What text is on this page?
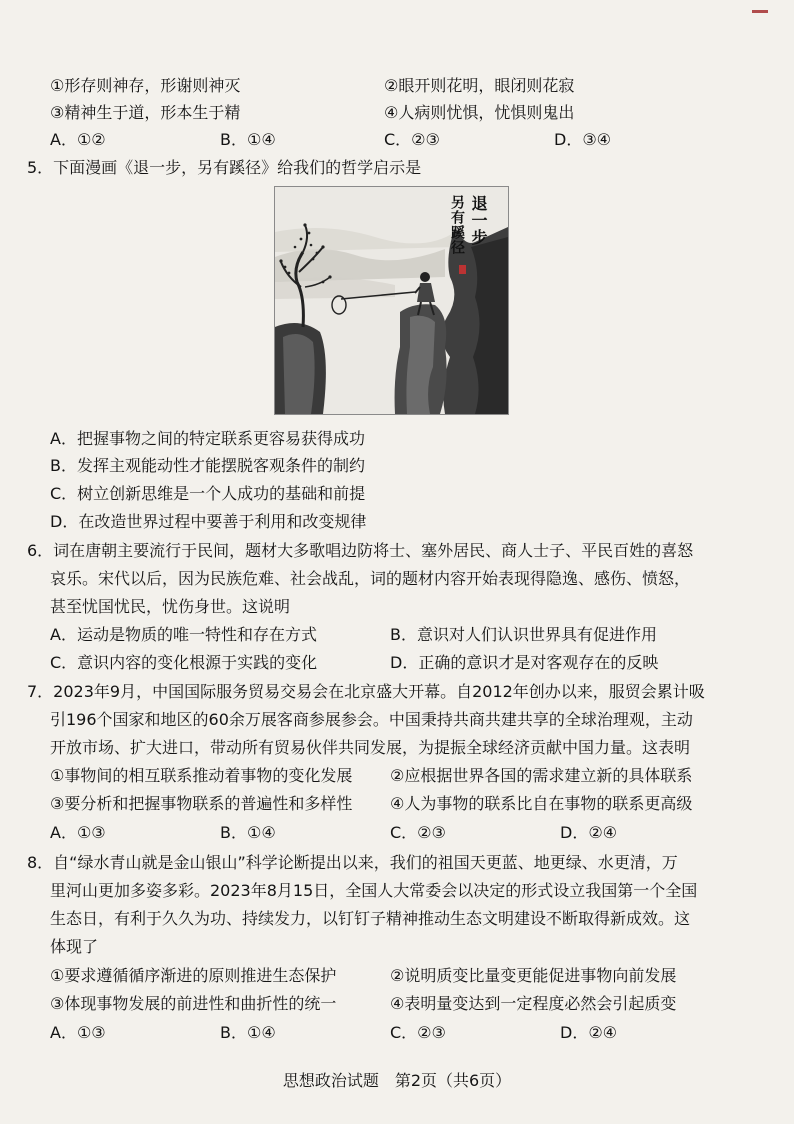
①形存则神存，形谢则神灭	②眼开则花明，眼闭则花寂
③精神生于道，形本生于精	④人病则忧惧，忧惧则鬼出
A．①②	B．①④	C．②③	D．③④
5．下面漫画《退一步，另有蹊径》给我们的哲学启示是
退一步
另有蹊径
A．把握事物之间的特定联系更容易获得成功
B．发挥主观能动性才能摆脱客观条件的制约
C．树立创新思维是一个人成功的基础和前提
D．在改造世界过程中要善于利用和改变规律
6．词在唐朝主要流行于民间，题材大多歌唱边防将士、塞外居民、商人士子、平民百姓的喜怒
哀乐。宋代以后，因为民族危难、社会战乱，词的题材内容开始表现得隐逸、感伤、愤怒，
甚至忧国忧民，忧伤身世。这说明
A．运动是物质的唯一特性和存在方式	B．意识对人们认识世界具有促进作用
C．意识内容的变化根源于实践的变化	D．正确的意识才是对客观存在的反映
7．2023年9月，中国国际服务贸易交易会在北京盛大开幕。自2012年创办以来，服贸会累计吸
引196个国家和地区的60余万展客商参展参会。中国秉持共商共建共享的全球治理观，主动
开放市场、扩大进口，带动所有贸易伙伴共同发展，为提振全球经济贡献中国力量。这表明
①事物间的相互联系推动着事物的变化发展 ②应根据世界各国的需求建立新的具体联系
③要分析和把握事物联系的普遍性和多样性 ④人为事物的联系比自在事物的联系更高级
A．①③	B．①④	C．②③	D．②④
8．自“绿水青山就是金山银山”科学论断提出以来，我们的祖国天更蓝、地更绿、水更清，万
里河山更加多姿多彩。2023年8月15日，全国人大常委会以决定的形式设立我国第一个全国
生态日，有利于久久为功、持续发力，以钉钉子精神推动生态文明建设不断取得新成效。这
体现了
①要求遵循循序渐进的原则推进生态保护	②说明质变比量变更能促进事物向前发展
③体现事物发展的前进性和曲折性的统一	④表明量变达到一定程度必然会引起质变
A．①③	B．①④	C．②③	D．②④
思想政治试题　第2页（共6页）
